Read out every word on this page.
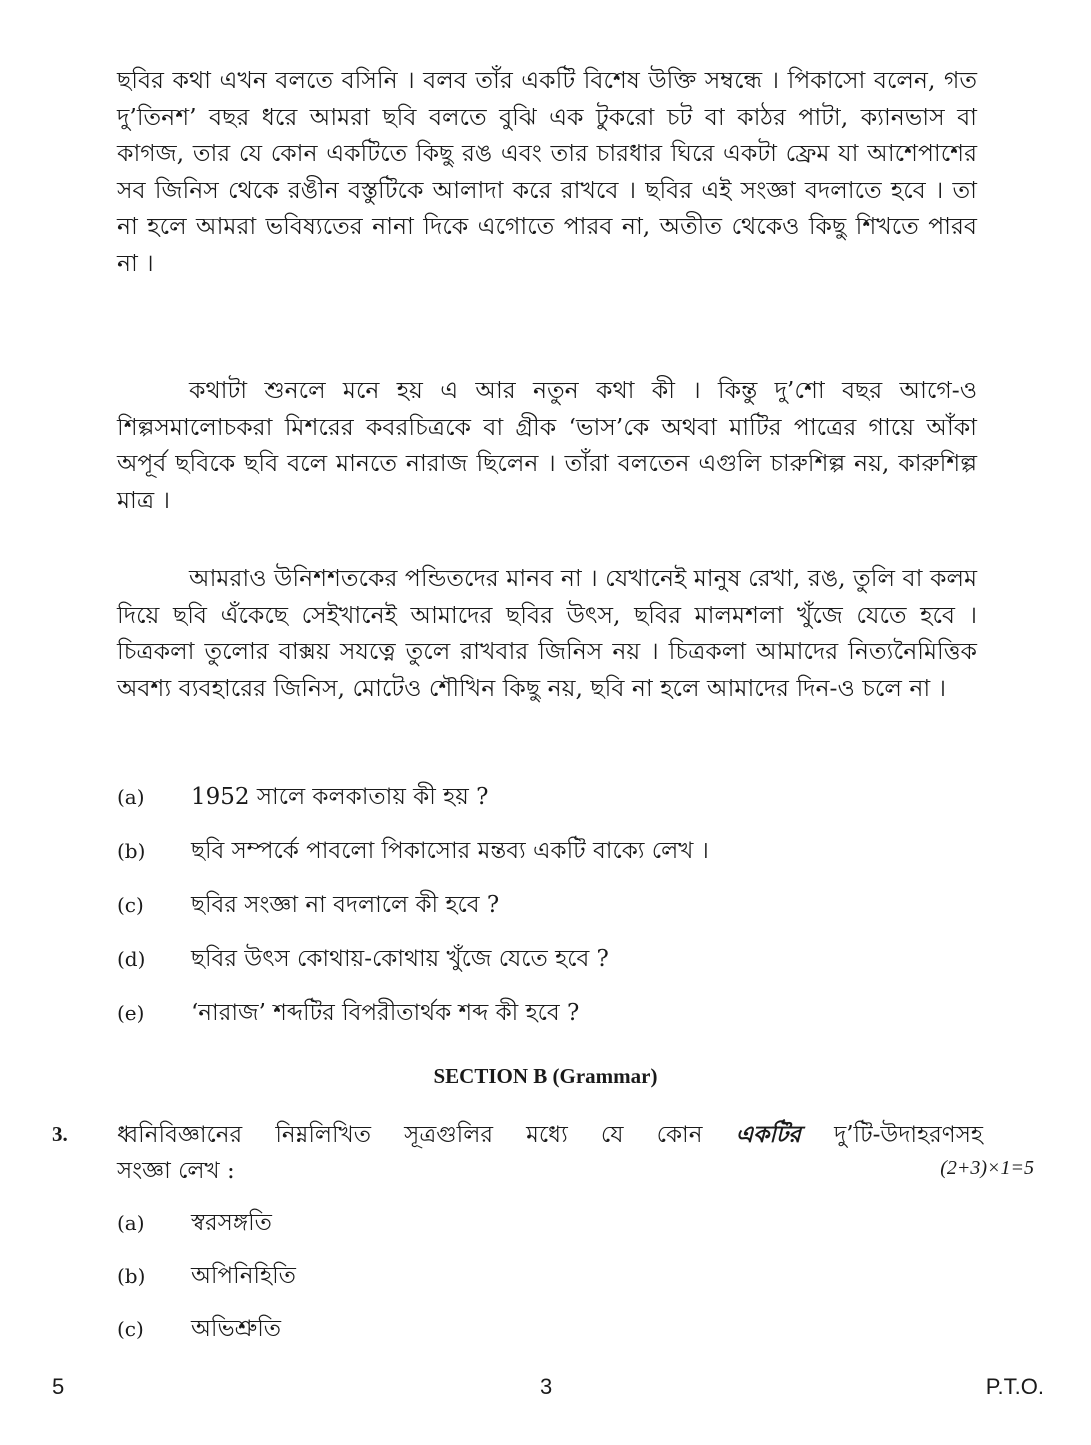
ছবির কথা এখন বলতে বসিনি । বলব তাঁর একটি বিশেষ উক্তি সম্বন্ধে । পিকাসো বলেন, গত দু’তিনশ’ বছর ধরে আমরা ছবি বলতে বুঝি এক টুকরো চট বা কাঠর পাটা, ক্যানভাস বা কাগজ, তার যে কোন একটিতে কিছু রঙ এবং তার চারধার ঘিরে একটা ফ্রেম যা আশেপাশের সব জিনিস থেকে রঙীন বস্তুটিকে আলাদা করে রাখবে । ছবির এই সংজ্ঞা বদলাতে হবে । তা না হলে আমরা ভবিষ্যতের নানা দিকে এগোতে পারব না, অতীত থেকেও কিছু শিখতে পারব না ।

কথাটা শুনলে মনে হয় এ আর নতুন কথা কী । কিন্তু দু’শো বছর আগে-ও শিল্পসমালোচকরা মিশরের কবরচিত্রকে বা গ্রীক ‘ভাস’কে অথবা মাটির পাত্রের গায়ে আঁকা অপূর্ব ছবিকে ছবি বলে মানতে নারাজ ছিলেন । তাঁরা বলতেন এগুলি চারুশিল্প নয়, কারুশিল্প মাত্র ।

আমরাও উনিশশতকের পন্ডিতদের মানব না । যেখানেই মানুষ রেখা, রঙ, তুলি বা কলম দিয়ে ছবি এঁকেছে সেইখানেই আমাদের ছবির উৎস, ছবির মালমশলা খুঁজে যেতে হবে । চিত্রকলা তুলোর বাক্সয় সযত্নে তুলে রাখবার জিনিস নয় । চিত্রকলা আমাদের নিত্যনৈমিত্তিক অবশ্য ব্যবহারের জিনিস, মোটেও শৌখিন কিছু নয়, ছবি না হলে আমাদের দিন-ও চলে না ।

(a)	1952 সালে কলকাতায় কী হয় ?
(b)	ছবি সম্পর্কে পাবলো পিকাসোর মন্তব্য একটি বাক্যে লেখ ।
(c)	ছবির সংজ্ঞা না বদলালে কী হবে ?
(d)	ছবির উৎস কোথায়-কোথায় খুঁজে যেতে হবে ?
(e)	‘নারাজ’ শব্দটির বিপরীতার্থক শব্দ কী হবে ?
SECTION B (Grammar)
3. ধ্বনিবিজ্ঞানের নিম্নলিখিত সূত্রগুলির মধ্যে যে কোন একটির দু’টি-উদাহরণসহ

সংজ্ঞা লেখ :	(2+3)×1=5
(a)	স্বরসঙ্গতি
(b)	অপিনিহিতি
(c)	অভিশ্রুতি
5	3	P.T.O.
